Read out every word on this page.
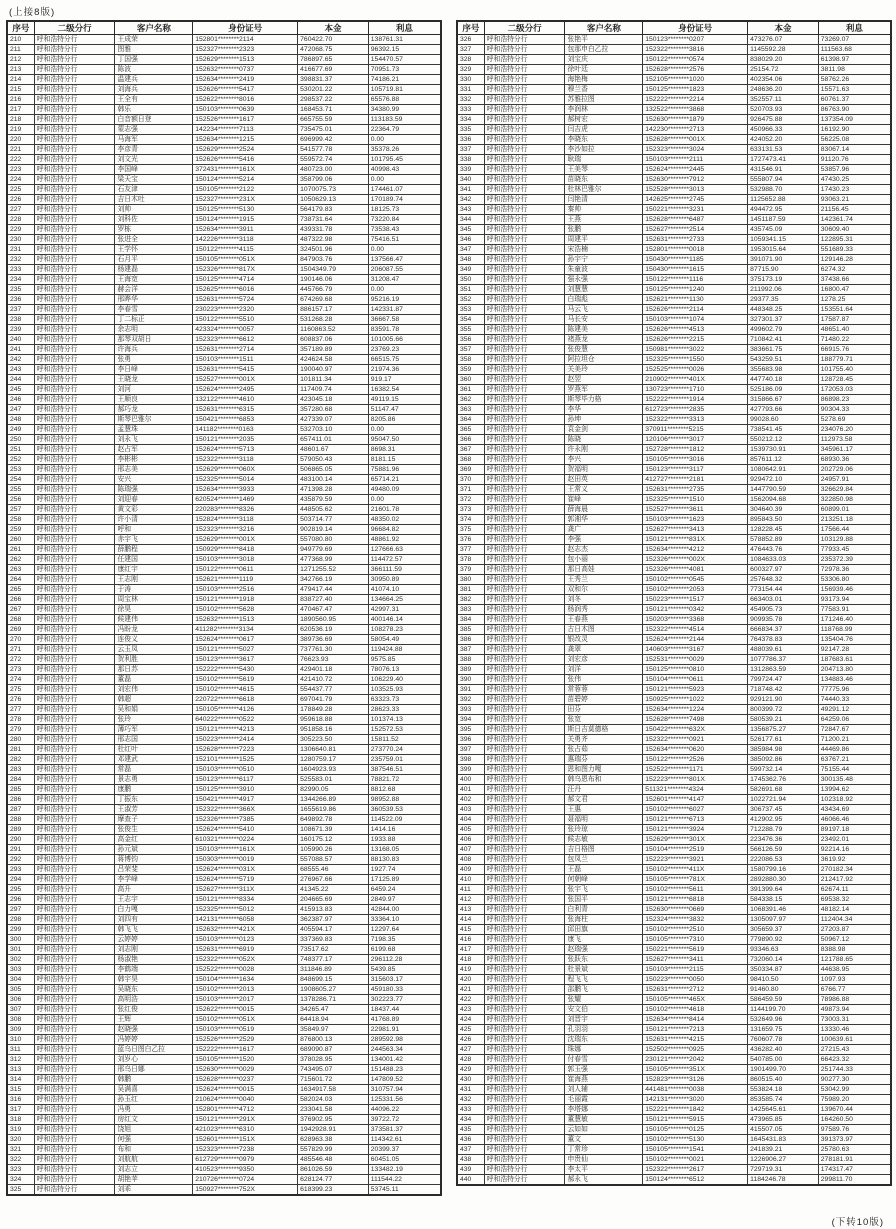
(上接8版)
序号	二级分行	客户名称	身份证号	本金	利息
210	呼和浩特分行	王成荣	152801********2114	760422.70	138761.31
211	呼和浩特分行	图雅	152327********2323	472068.75	96392.15
212	呼和浩特分行	丁国强	152629********1513	786897.65	154470.57
213	呼和浩特分行	陈波	152632********0737	416677.69	70951.73
214	呼和浩特分行	温建兵	152634********2419	398831.37	74186.21
215	呼和浩特分行	刘海兵	152626********5417	530201.22	105719.81
216	呼和浩特分行	王全有	152622********8016	298537.22	65576.88
217	呼和浩特分行	韩乐	150103********0639	168453.71	34380.99
218	呼和浩特分行	白音额日登	152526********1617	665755.59	113183.59
219	呼和浩特分行	蒙志强	142234********7113	735475.01	22364.79
220	呼和浩特分行	马海军	152634********1215	696999.42	0.00
221	呼和浩特分行	李彦青	152629********2524	541577.78	35378.26
222	呼和浩特分行	刘文光	152626********5416	559572.74	101795.45
223	呼和浩特分行	李国峰	372431********161X	480723.00	40998.43
224	呼和浩特分行	梁天宝	150124********5214	358799.06	0.00
225	呼和浩特分行	石友津	150105********2122	1070075.73	174461.07
226	呼和浩特分行	吉日木吐	152327********231X	1050629.13	170189.74
227	呼和浩特分行	刘帅	150125********5130	564179.83	18125.73
228	呼和浩特分行	刘科佐	150124********1915	738731.64	73220.84
229	呼和浩特分行	罗栋	152634********3911	439331.78	73538.43
230	呼和浩特分行	张进全	142226********3118	487322.98	75416.51
231	呼和浩特分行	王学怀	150122********4115	324501.96	0.00
232	呼和浩特分行	石月平	150105********051X	847903.76	137566.47
233	呼和浩特分行	杨建磊	152326********817X	1504349.79	206087.55
234	呼和浩特分行	王海宽	150125********4714	190146.06	31208.47
235	呼和浩特分行	赫会洋	152625********6016	445766.79	0.00
236	呼和浩特分行	邢晔华	152631********5724	674269.68	95216.19
237	呼和浩特分行	李春雪	230223********2320	886157.17	142331.87
238	呼和浩特分行	丁二标正	150122********5510	531268.28	36667.58
239	呼和浩特分行	余志明	423324********0057	1160863.52	83591.78
240	呼和浩特分行	那琴双胡日	152323********6612	608837.06	101005.66
241	呼和浩特分行	许海兵	152631********2714	357189.89	23769.23
242	呼和浩特分行	张勇	150103********1511	424624.58	66515.75
243	呼和浩特分行	李日峰	152631********5415	190040.97	21974.36
244	呼和浩特分行	王晓龙	152527********001X	101811.34	919.17
245	呼和浩特分行	刘河	152624********2495	117409.74	16382.54
246	呼和浩特分行	王顺良	132122********4610	423045.18	49119.15
247	呼和浩特分行	郝巧龙	152631********6315	357280.68	51147.47
248	呼和浩特分行	斯琴巴雅尔	150421********6853	427339.07	8205.86
249	呼和浩特分行	孟慧珠	141182********0163	532703.10	0.00
250	呼和浩特分行	刘永飞	150121********2035	657411.01	95047.50
251	呼和浩特分行	赵占军	152624********5713	48601.67	8698.31
252	呼和浩特分行	李彬彬	152322********3118	579050.43	8181.15
253	呼和浩特分行	邢志美	152629********060X	506865.05	75881.96
254	呼和浩特分行	安兴	152325********5014	483100.14	65714.21
255	呼和浩特分行	陈瑞强	152634********3933	471398.28	49480.09
256	呼和浩特分行	刘迎春	620524********1469	435879.59	0.00
257	呼和浩特分行	黄文彩	220283********8326	448505.62	21601.78
258	呼和浩特分行	许小清	152824********3118	503714.77	48350.02
259	呼和浩特分行	呼和	152323********3216	902819.14	96684.82
260	呼和浩特分行	赤宇飞	152629********001X	557080.80	48861.92
261	呼和浩特分行	薛鹏程	150929********8418	949779.69	127666.63
262	呼和浩特分行	任建国	150103********3018	477368.99	114472.57
263	呼和浩特分行	康红宇	150122********0611	1271255.52	366111.59
264	呼和浩特分行	王志刚	152621********1119	342766.19	30950.89
265	呼和浩特分行	于涛	150103********2516	479417.44	41074.10
266	呼和浩特分行	周宝林	150121********1918	838727.40	134664.25
267	呼和浩特分行	徐昊	150102********5628	470467.47	42997.31
268	呼和浩特分行	候建伟	152632********1513	1890560.95	400146.14
269	呼和浩特分行	冯盼龙	411282********3134	620536.19	108278.23
270	呼和浩特分行	连俊义	152624********0617	389736.69	58054.49
271	呼和浩特分行	云玉凤	150121********5027	737761.30	119424.88
272	呼和浩特分行	贺利胜	150123********3617	76623.93	9575.85
273	呼和浩特分行	那日苏	152222********5430	429401.18	78076.13
274	呼和浩特分行	董磊	150102********5619	421410.72	106229.40
275	呼和浩特分行	刘宏伟	150102********4615	554437.77	103525.93
276	呼和浩特分行	韩超	220722********6618	697041.79	63323.73
277	呼和浩特分行	吴和娟	150105********4126	178849.28	28623.33
278	呼和浩特分行	张玲	640222********0522	959618.88	101374.13
279	呼和浩特分行	薄巧军	150121********4213	951858.16	152572.53
280	呼和浩特分行	邢志国	150223********2414	305223.50	15811.52
281	呼和浩特分行	杜红叶	152628********7223	1306640.81	273770.24
282	呼和浩特分行	邓建武	152101********1525	1280759.17	235759.01
283	呼和浩特分行	常磊	150103********0510	1604923.93	387546.51
284	呼和浩特分行	景志勇	150123********6117	525583.01	78821.72
285	呼和浩特分行	康鹏	150125********3910	82990.05	8812.68
286	呼和浩特分行	丁振东	150421********4917	1344266.89	98952.88
287	呼和浩特分行	王淑芳	152322********366X	1655619.86	360539.53
288	呼和浩特分行	摩查子	152326********7385	649892.78	114522.09
289	呼和浩特分行	张俊生	152624********5410	108671.39	1414.16
290	呼和浩特分行	高金红	610321********0224	160175.12	1933.88
291	呼和浩特分行	孙元斌	150103********161X	105990.26	13168.05
292	呼和浩特分行	蒋博钧	150303********0019	557088.57	88130.83
293	呼和浩特分行	吕荣斐	152624********031X	68555.46	1927.74
294	呼和浩特分行	李学峰	152624********5719	276967.66	17125.89
295	呼和浩特分行	高升	152627********311X	41345.22	6459.24
296	呼和浩特分行	王志宇	150121********8334	204665.69	2849.97
297	呼和浩特分行	白力嘎	152325********5012	415913.83	42844.00
298	呼和浩特分行	刘四有	142131********6058	362387.97	33364.10
299	呼和浩特分行	韩飞飞	152632********421X	405594.17	12297.64
300	呼和浩特分行	云婷婷	150103********0123	337369.83	7198.35
301	呼和浩特分行	刘志刚	152631********6919	73517.62	6199.68
302	呼和浩特分行	杨淑艳	152322********052X	748377.17	296112.28
303	呼和浩特分行	李鹤端	152522********0028	311846.89	5439.85
304	呼和浩特分行	韩宇昊	150104********1634	848699.15	315603.17
305	呼和浩特分行	吴晓东	150102********2013	1908605.27	459180.33
306	呼和浩特分行	高明浩	150103********2017	1378286.71	302223.77
307	呼和浩特分行	张红俊	152622********0015	34265.47	18437.44
308	呼和浩特分行	王辉	150102********051X	64418.94	41768.89
309	呼和浩特分行	赵晓强	150103********0519	35849.97	22981.91
310	呼和浩特分行	冯婷婷	152526********2529	876800.13	289592.98
311	呼和浩特分行	蓝乌日图白乙拉	152222********1617	689090.87	244563.34
312	呼和浩特分行	刘岁心	150105********1520	378028.95	134001.42
313	呼和浩特分行	邢乌日娜	152630********0029	743495.07	151488.23
314	呼和浩特分行	韩鹏	152628********0237	715601.72	147809.52
315	呼和浩特分行	吴满喜	152624********0015	1634917.58	310757.94
316	呼和浩特分行	孙玉红	210624********0040	582024.03	125331.56
317	呼和浩特分行	冯勇	152801********4712	233041.58	44096.22
318	呼和浩特分行	房红文	150121********291X	376902.95	39722.72
319	呼和浩特分行	饶旭	421023********6310	1942928.91	373581.37
320	呼和浩特分行	何强	152601********151X	628963.38	114342.61
321	呼和浩特分行	布和	152323********7238	557829.99	20399.37
322	呼和浩特分行	刘航航	612729********0979	485546.48	60451.05
323	呼和浩特分行	刘志立	410523********9350	861026.59	133482.19
324	呼和浩特分行	胡艳苹	210726********0724	628124.77	111544.22
325	呼和浩特分行	刘乖	150927********752X	618399.23	53745.11
序号	二级分行	客户名称	身份证号	本金	利息
326	呼和浩特分行	张艳平	150123********0207	473276.07	73269.07
327	呼和浩特分行	包那申白乙拉	152322********3816	1145592.28	111563.68
328	呼和浩特分行	刘宝庆	150122********0574	838029.20	61398.97
329	呼和浩特分行	徐叶廷	152628********2576	25154.72	3811.98
330	呼和浩特分行	海艳梅	152105********1020	402354.06	58762.26
331	呼和浩特分行	穆兰香	150125********1823	248636.20	15571.63
332	呼和浩特分行	苏雅拉图	152222********2214	352557.11	60761.37
333	呼和浩特分行	李润林	132522********3868	520703.93	86763.90
334	呼和浩特分行	郝树宏	152630********1879	926475.88	137354.09
335	呼和浩特分行	闫吉虎	142230********2713	450966.33	16192.90
336	呼和浩特分行	李晓东	152628********001X	424052.20	56225.08
337	呼和浩特分行	李沙如拉	152323********3024	633131.53	83067.14
338	呼和浩特分行	耿瑞	150103********2111	1727473.41	91120.76
339	呼和浩特分行	王美琴	152624********2445	431546.91	53857.96
340	呼和浩特分行	苗晓东	152630********7912	555807.94	47430.25
341	呼和浩特分行	杜林巴雅尔	152528********3013	532988.70	17430.23
342	呼和浩特分行	闫艳清	142625********2745	1125652.88	93063.21
343	呼和浩特分行	秦帅	150221********3231	494472.95	21156.45
344	呼和浩特分行	王燕	152628********6487	1451187.59	142361.74
345	呼和浩特分行	张鹏	152627********2514	435745.09	30609.40
346	呼和浩特分行	周建平	152631********2733	1059341.15	122895.31
347	呼和浩特分行	宋浩楠	152801********0018	1953015.64	551689.33
348	呼和浩特分行	孙宇宁	150430********1185	391071.90	129146.28
349	呼和浩特分行	朱童波	150430********1615	87715.90	6274.32
350	呼和浩特分行	强永强	150122********1116	375173.19	37438.66
351	呼和浩特分行	刘慧慧	150125********1240	211992.06	16800.47
352	呼和浩特分行	白瑞彪	152621********1130	29377.35	1278.25
353	呼和浩特分行	马云飞	152626********2114	448348.25	153551.64
354	呼和浩特分行	马长安	150103********1074	327301.37	17587.87
355	呼和浩特分行	陈建美	152626********4513	499602.79	48651.40
356	呼和浩特分行	褚燕龙	152626********2215	710842.41	71480.22
357	呼和浩特分行	张俊慧	150981********3022	383661.75	66915.76
358	呼和浩特分行	阿拉坦仓	152325********1550	543259.51	188779.71
359	呼和浩特分行	关美玲	152525********0026	355683.98	101755.40
360	呼和浩特分行	赵翌	210902********401X	447740.18	128728.45
361	呼和浩特分行	罗燕军	130723********1710	525186.09	172053.03
362	呼和浩特分行	斯琴毕力格	152222********1914	315866.67	86898.23
363	呼和浩特分行	李华	612723********2835	427793.66	90304.33
364	呼和浩特分行	孙坤	152322********3313	99028.60	5278.69
365	呼和浩特分行	袁金剑	370911********5215	738541.45	234076.20
366	呼和浩特分行	陈晓	120106********3017	550212.12	112973.58
367	呼和浩特分行	许永刚	152728********1812	1539730.91	345961.17
368	呼和浩特分行	李兴	150105********3016	857611.12	68930.36
369	呼和浩特分行	贺福明	150123********3117	1080642.91	202729.06
370	呼和浩特分行	赵田英	412727********2181	929472.10	24957.91
371	呼和浩特分行	王常义	152631********2735	1447790.59	326629.84
372	呼和浩特分行	崔峰	152325********1510	1562094.68	322850.98
373	呼和浩特分行	薛海晨	152527********3611	304640.39	60899.01
374	呼和浩特分行	郭湘华	150103********1623	895843.50	213251.18
375	呼和浩特分行	龚广	152627********3413	128228.45	17566.44
376	呼和浩特分行	李强	150121********831X	578852.89	103129.88
377	呼和浩特分行	赵志杰	152634********4212	476443.76	77933.45
378	呼和浩特分行	包小丽	152326********002X	1084633.03	235372.39
379	呼和浩特分行	那日高娃	152326********4081	600327.97	72978.36
380	呼和浩特分行	王秀兰	150102********0545	257648.32	53306.80
381	呼和浩特分行	双和尔	150102********2053	773154.44	156939.46
382	呼和浩特分行	刘冬	150223********1517	663403.01	93173.94
383	呼和浩特分行	杨润秀	150121********0342	454905.73	77583.91
384	呼和浩特分行	王春燕	150203********3368	909935.78	171246.40
385	呼和浩特分行	古日木图	152322********4514	666834.37	118768.99
386	呼和浩特分行	银改灵	152624********2144	764378.83	135404.76
387	呼和浩特分行	龚翠	140603********3167	488039.61	92147.28
388	呼和浩特分行	刘宏彦	152531********0029	1077786.37	187683.61
389	呼和浩特分行	刘洋	150125********0810	1312863.59	204713.80
390	呼和浩特分行	张伟	150104********0611	799724.47	134883.46
391	呼和浩特分行	常蓉蓉	150121********5923	718748.42	77775.96
392	呼和浩特分行	苗碧婷	150925********1022	929121.90	74440.33
393	呼和浩特分行	田芬	152634********1224	800399.72	49291.12
394	呼和浩特分行	张宽	152628********7498	580539.21	64259.06
395	呼和浩特分行	斯日吉莫德格	150422********632X	1356875.27	72847.67
396	呼和浩特分行	关勇齐	152322********0921	526177.61	71200.21
397	呼和浩特分行	张占茹	152634********0620	385984.98	44469.86
398	呼和浩特分行	惠瑞芬	150122********2526	385092.86	63767.21
399	呼和浩特分行	恩和图力嘎	152522********1171	599732.14	75155.44
400	呼和浩特分行	韩乌恩布和	152223********801X	1745362.76	300135.48
401	呼和浩特分行	汪丹	511321********4324	582691.68	13994.62
402	呼和浩特分行	郝文君	152601********4147	1022721.94	102318.92
403	呼和浩特分行	王惠	150102********6027	306737.45	43434.69
404	呼和浩特分行	聂福明	150121********6713	412902.95	46066.46
405	呼和浩特分行	张玲琼	150121********3924	712288.79	89197.18
406	呼和浩特分行	候志敏	152629********301X	223476.36	23492.01
407	呼和浩特分行	吉日格图	150104********2519	566126.59	92214.16
408	呼和浩特分行	包凤兰	152223********3921	222086.53	3619.92
409	呼和浩特分行	王磊	150102********411X	1580799.16	270182.34
410	呼和浩特分行	何朝峰	150105********781X	2892880.30	212417.92
411	呼和浩特分行	张宇飞	150102********5611	391399.64	62674.11
412	呼和浩特分行	张国平	150121********6818	584338.15	69538.32
413	呼和浩特分行	白利青	152630********0669	1068391.46	48182.14
414	呼和浩特分行	张海柱	152324********3832	1305097.97	112404.34
415	呼和浩特分行	邱田旗	150102********2510	305659.37	27203.87
416	呼和浩特分行	康飞	150105********7310	779890.92	50967.12
417	呼和浩特分行	赵瑞强	150221********5619	93346.63	8388.98
418	呼和浩特分行	张跃东	152627********3411	732060.14	121788.65
419	呼和浩特分行	杜景斌	150103********2115	350334.87	44638.95
420	呼和浩特分行	程飞飞	150223********0050	98410.50	1097.93
421	呼和浩特分行	邵鹏飞	152631********2712	91460.80	6766.77
422	呼和浩特分行	张耀	150105********465X	586459.59	78986.88
423	呼和浩特分行	安文伯	150102********4618	1144199.70	49873.94
424	呼和浩特分行	刘晋宇	152634********8414	532649.96	73003.31
425	呼和浩特分行	孔羽羽	150121********7213	131659.75	13330.46
426	呼和浩特分行	沈瑞东	152631********4215	760607.78	100639.61
427	呼和浩特分行	珠娜	152502********0925	436282.40	27215.43
428	呼和浩特分行	付春雪	230121********2042	540785.00	66423.32
429	呼和浩特分行	郭玉强	150105********351X	1901499.70	251744.33
430	呼和浩特分行	崔海燕	152823********3126	860515.40	90277.30
431	呼和浩特分行	刘人辅	441481********0038	553824.18	53042.99
432	呼和浩特分行	毛丽霞	142131********3020	853585.74	75989.20
433	呼和浩特分行	李塔娜	152221********1842	1425645.61	139670.44
434	呼和浩特分行	董慧敏	150121********5915	473965.85	164260.50
435	呼和浩特分行	云如如	150105********0125	415507.05	97589.76
436	呼和浩特分行	董文	150102********5130	1645431.83	391373.97
437	呼和浩特分行	丁常珍	150105********1541	241839.21	25780.63
438	呼和浩特分行	申贵仙	150102********0021	1226906.27	278181.91
439	呼和浩特分行	李太平	152322********2617	729719.31	174317.47
440	呼和浩特分行	郝永飞	150124********6512	1184246.78	299811.70
(下转10版)
